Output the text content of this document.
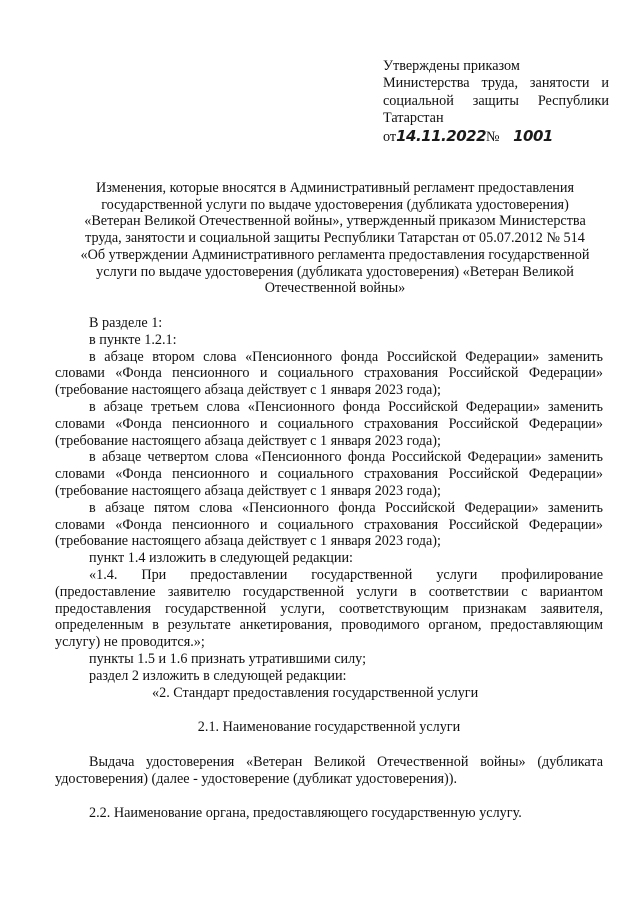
Утверждены приказом
Министерства труда, занятости и
социальной защиты Республики
Татарстан
от14.11.2022№ 1001
Изменения, которые вносятся в Административный регламент предоставления
государственной услуги по выдаче удостоверения (дубликата удостоверения)
«Ветеран Великой Отечественной войны», утвержденный приказом Министерства
труда, занятости и социальной защиты Республики Татарстан от 05.07.2012 № 514
«Об утверждении Административного регламента предоставления государственной
услуги по выдаче удостоверения (дубликата удостоверения) «Ветеран Великой
Отечественной войны»

В разделе 1:

в пункте 1.2.1:

в абзаце втором слова «Пенсионного фонда Российской Федерации» заменить словами «Фонда пенсионного и социального страхования Российской Федерации» (требование настоящего абзаца действует с 1 января 2023 года);

в абзаце третьем слова «Пенсионного фонда Российской Федерации» заменить словами «Фонда пенсионного и социального страхования Российской Федерации» (требование настоящего абзаца действует с 1 января 2023 года);

в абзаце четвертом слова «Пенсионного фонда Российской Федерации» заменить словами «Фонда пенсионного и социального страхования Российской Федерации» (требование настоящего абзаца действует с 1 января 2023 года);

в абзаце пятом слова «Пенсионного фонда Российской Федерации» заменить словами «Фонда пенсионного и социального страхования Российской Федерации» (требование настоящего абзаца действует с 1 января 2023 года);

пункт 1.4 изложить в следующей редакции:

«1.4. При предоставлении государственной услуги профилирование (предоставление заявителю государственной услуги в соответствии с вариантом предоставления государственной услуги, соответствующим признакам заявителя, определенным в результате анкетирования, проводимого органом, предоставляющим услугу) не проводится.»;

пункты 1.5 и 1.6 признать утратившими силу;

раздел 2 изложить в следующей редакции:

«2. Стандарт предоставления государственной услуги

2.1. Наименование государственной услуги

Выдача удостоверения «Ветеран Великой Отечественной войны» (дубликата удостоверения) (далее - удостоверение (дубликат удостоверения)).

2.2. Наименование органа, предоставляющего государственную услугу.
